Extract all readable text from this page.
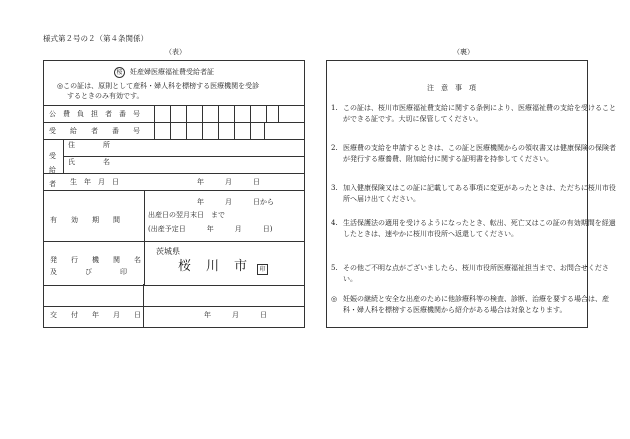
様式第２号の２（第４条関係）
（表）	（裏）
桜	妊産婦医療福祉費受給者証
◎この証は、原則として産科・婦人科を標榜する医療機関を受診
するときのみ有効です。
公　費　負　担　者　番　号
受　　給　　者　　番　　号
受給者
住　　　　所
氏　　　　名
生　年　月　日	年　　　月　　　日
有　　効　　期　　間
年　　　月　　　日から
出産日の翌月末日　まで
(出産予定日　　　年　　　月　　　日)
発　　行　　機　　関　　名
及　　　　び　　　　印
茨城県
桜　川　市	印
交　　付　　年　　月　　日	年　　　月　　　日
注　意　事　項
1. この証は、桜川市医療福祉費支給に関する条例により、医療福祉費の支給を受けることができる証です。大切に保管してください。
2. 医療費の支給を申請するときは、この証と医療機関からの領収書又は健康保険の保険者が発行する療養費、附加給付に関する証明書を持参してください。
3. 加入健康保険又はこの証に記載してある事項に変更があったときは、ただちに桜川市役所へ届け出てください。
4. 生活保護法の適用を受けるようになったとき、転出、死亡又はこの証の有効期間を経過したときは、速やかに桜川市役所へ返還してください。
5. その他ご不明な点がございましたら、桜川市役所医療福祉担当まで、お問合せください。
◎ 妊娠の継続と安全な出産のために他診療科等の検査、診断、治療を要する場合は、産科・婦人科を標榜する医療機関から紹介がある場合は対象となります。
